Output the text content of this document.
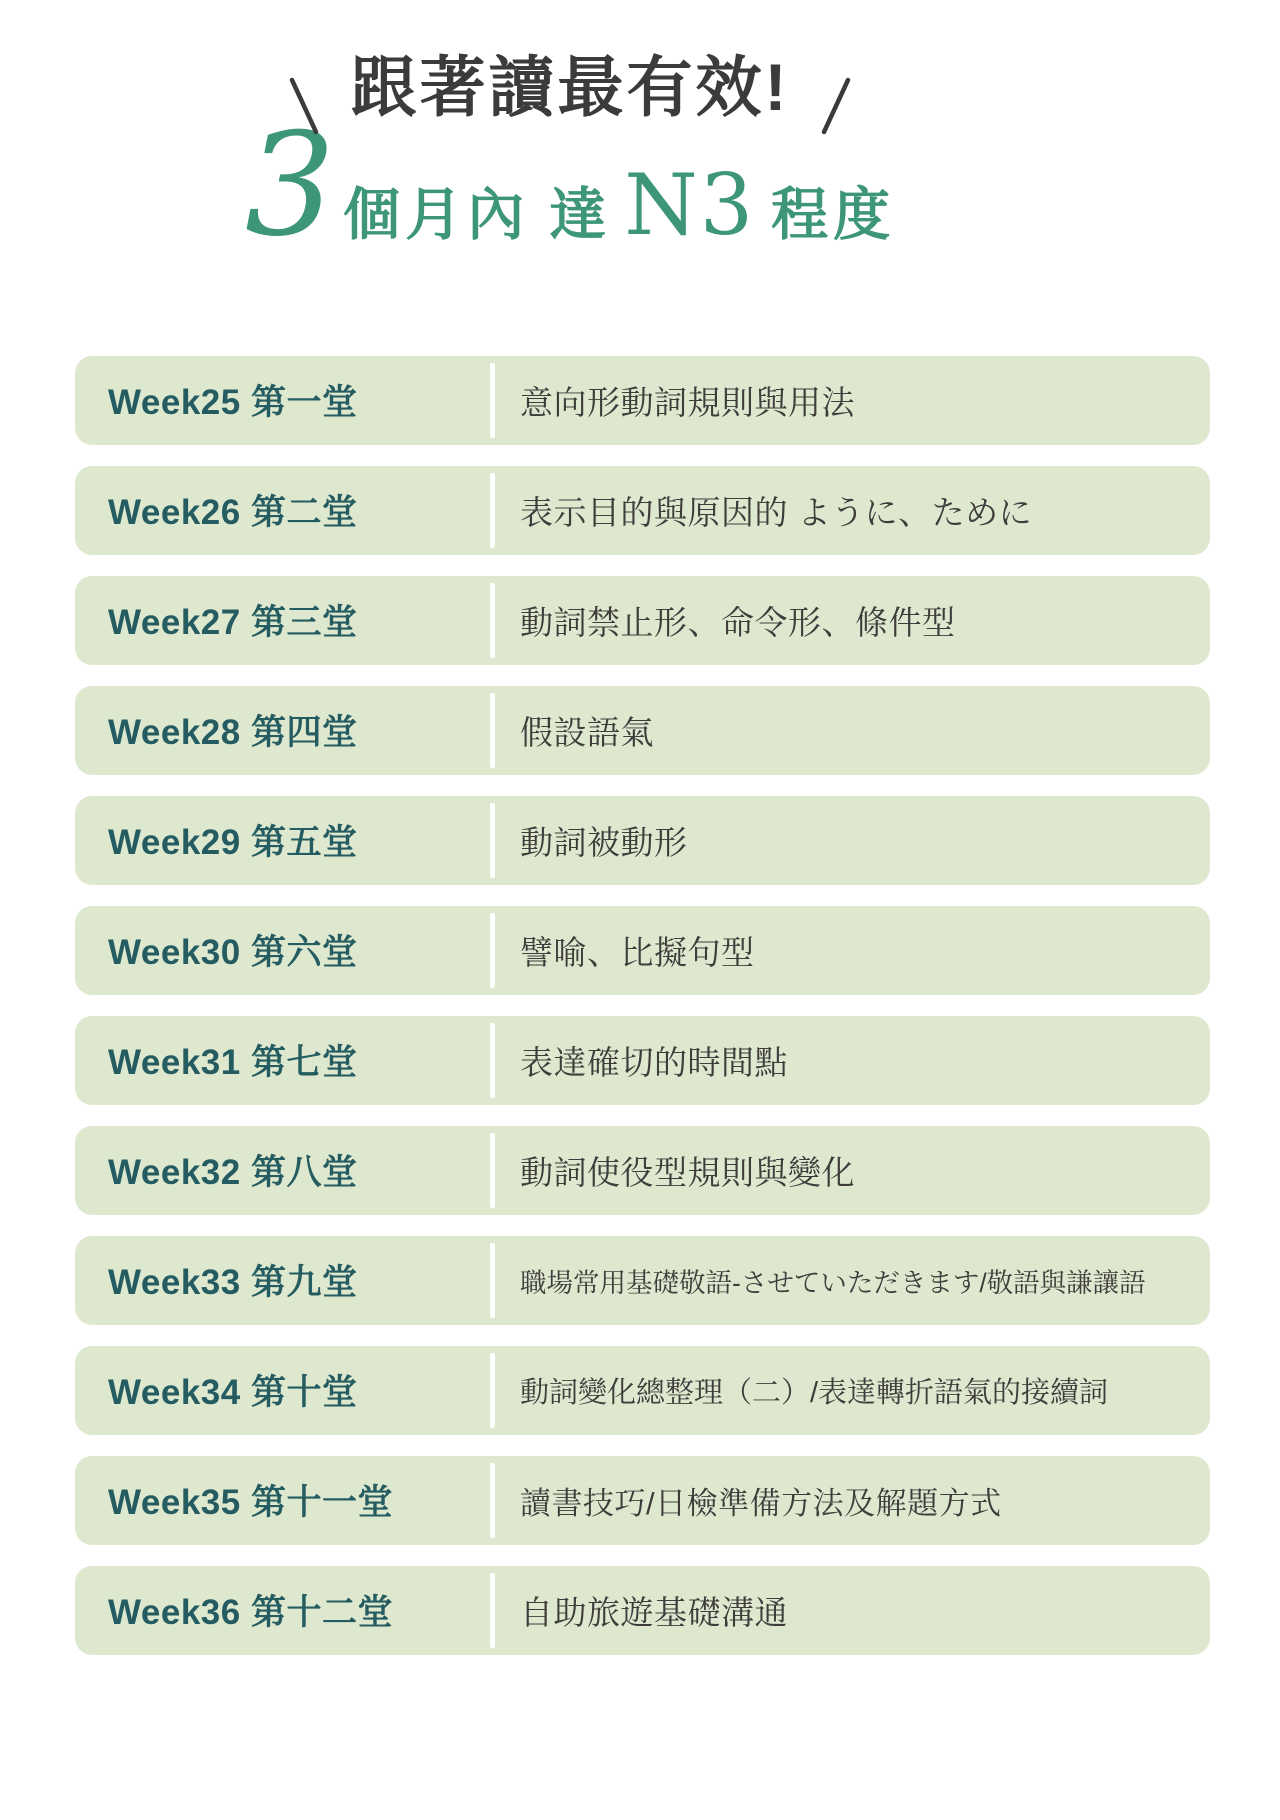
跟著讀最有效!
3 個月內 達 N3 程度
Week25 第一堂	意向形動詞規則與用法
Week26 第二堂	表示目的與原因的 ように、ために
Week27 第三堂	動詞禁止形、命令形、條件型
Week28 第四堂	假設語氣
Week29 第五堂	動詞被動形
Week30 第六堂	譬喻、比擬句型
Week31 第七堂	表達確切的時間點
Week32 第八堂	動詞使役型規則與變化
Week33 第九堂	職場常用基礎敬語-させていただきます/敬語與謙讓語
Week34 第十堂	動詞變化總整理（二）/表達轉折語氣的接續詞
Week35 第十一堂	讀書技巧/日檢準備方法及解題方式
Week36 第十二堂	自助旅遊基礎溝通
